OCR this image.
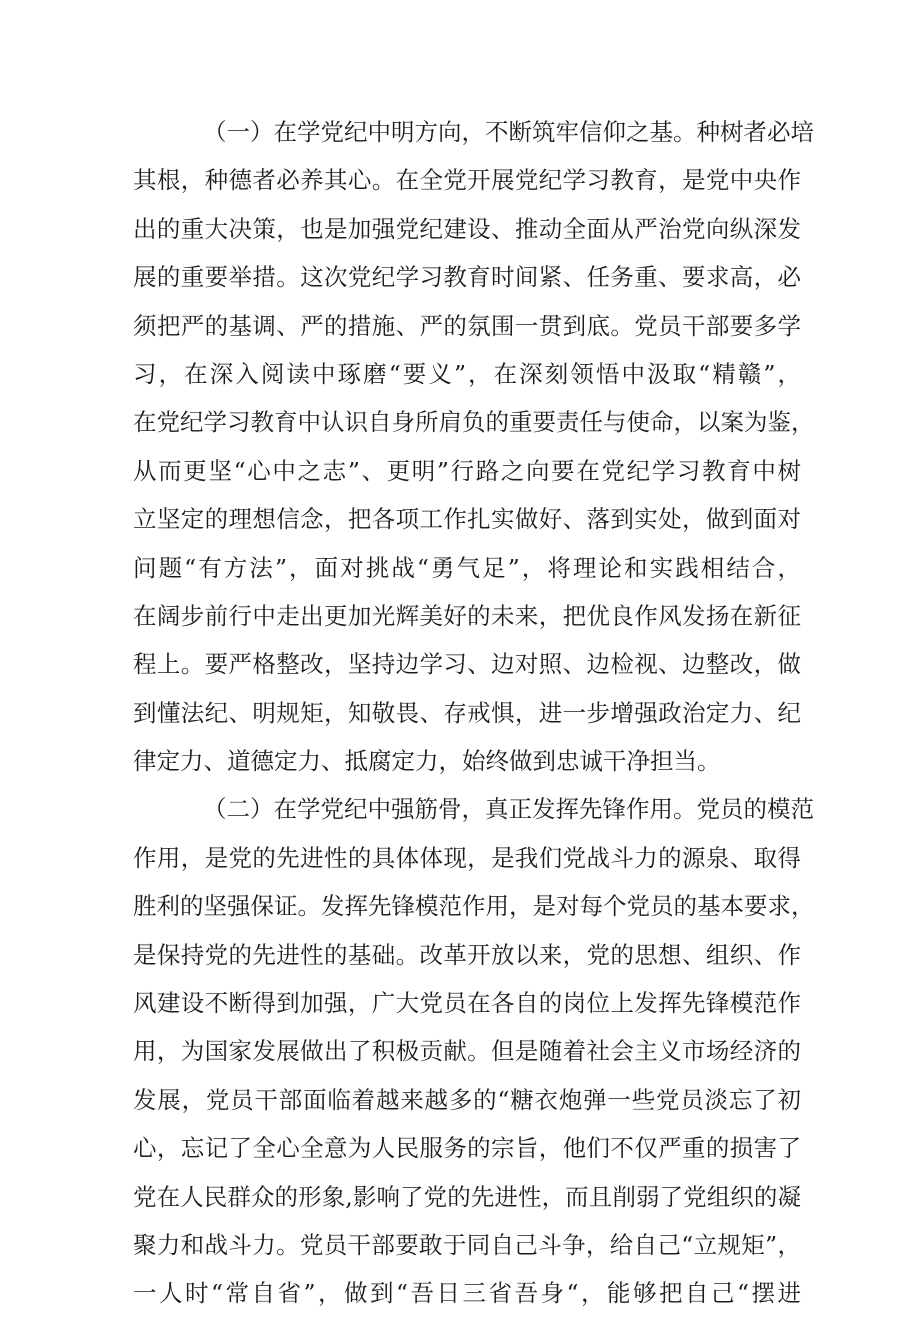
（一）在学党纪中明方向，不断筑牢信仰之基。种树者必培
其根，种德者必养其心。在全党开展党纪学习教育，是党中央作
出的重大决策，也是加强党纪建设、推动全面从严治党向纵深发
展的重要举措。这次党纪学习教育时间紧、任务重、要求高，必
须把严的基调、严的措施、严的氛围一贯到底。党员干部要多学
习，在深入阅读中琢磨“要义”，在深刻领悟中汲取“精赣”，
在党纪学习教育中认识自身所肩负的重要责任与使命，以案为鉴，
从而更坚“心中之志”、更明”行路之向要在党纪学习教育中树
立坚定的理想信念，把各项工作扎实做好、落到实处，做到面对
问题“有方法”，面对挑战“勇气足”，将理论和实践相结合，
在阔步前行中走出更加光辉美好的未来，把优良作风发扬在新征
程上。要严格整改，坚持边学习、边对照、边检视、边整改，做
到懂法纪、明规矩，知敬畏、存戒惧，进一步增强政治定力、纪
律定力、道德定力、抵腐定力，始终做到忠诚干净担当。
（二）在学党纪中强筋骨，真正发挥先锋作用。党员的模范
作用，是党的先进性的具体体现，是我们党战斗力的源泉、取得
胜利的坚强保证。发挥先锋模范作用，是对每个党员的基本要求，
是保持党的先进性的基础。改革开放以来，党的思想、组织、作
风建设不断得到加强，广大党员在各自的岗位上发挥先锋模范作
用，为国家发展做出了积极贡献。但是随着社会主义市场经济的
发展，党员干部面临着越来越多的“糖衣炮弹一些党员淡忘了初
心，忘记了全心全意为人民服务的宗旨，他们不仅严重的损害了
党在人民群众的形象,影响了党的先进性，而且削弱了党组织的凝
聚力和战斗力。党员干部要敢于同自己斗争，给自己“立规矩”，
一人时“常自省”，做到“吾日三省吾身“，能够把自己“摆进
